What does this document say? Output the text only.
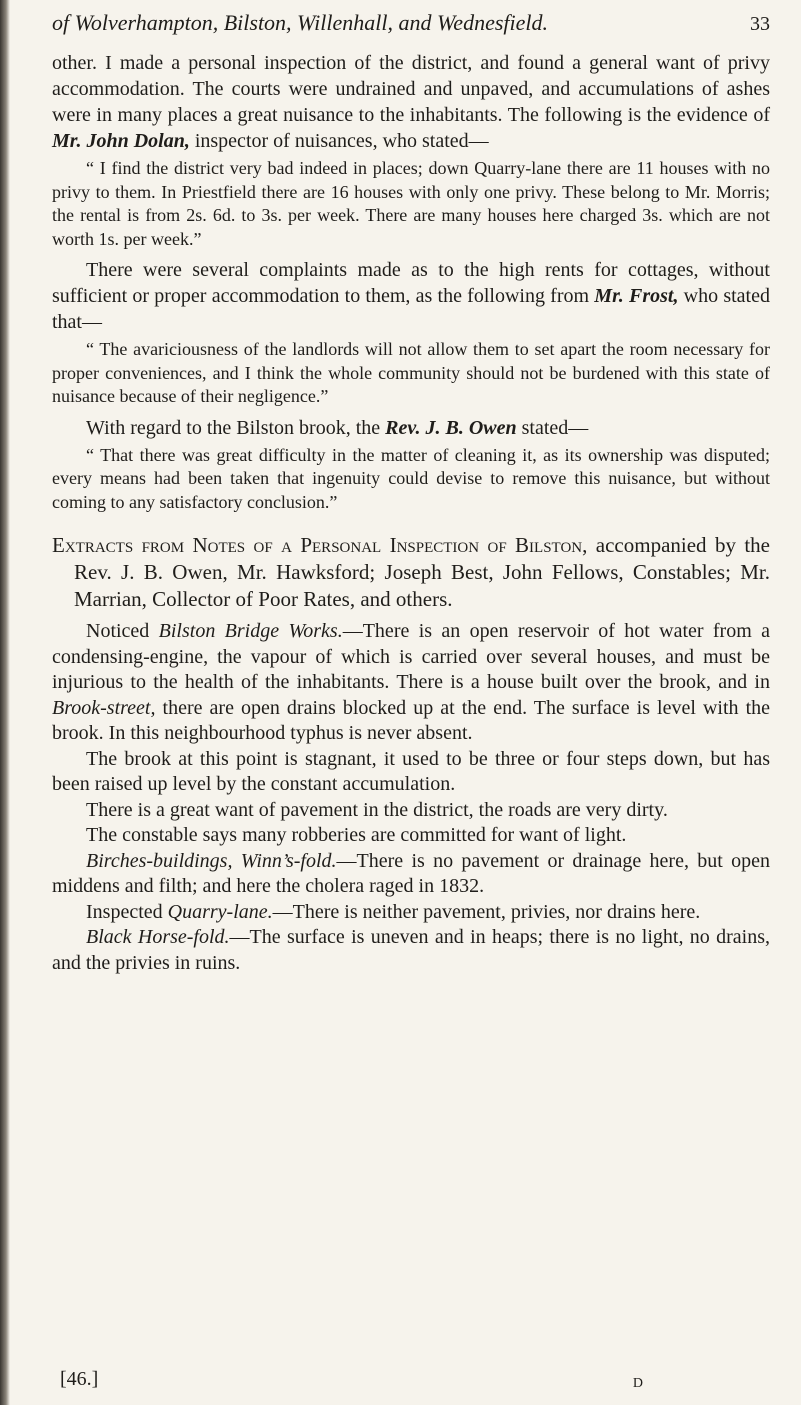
of Wolverhampton, Bilston, Willenhall, and Wednesfield.	33

other. I made a personal inspection of the district, and found a general want of privy accommodation. The courts were undrained and unpaved, and accumulations of ashes were in many places a great nuisance to the inhabitants. The following is the evidence of Mr. John Dolan, inspector of nuisances, who stated—

“ I find the district very bad indeed in places; down Quarry-lane there are 11 houses with no privy to them. In Priestfield there are 16 houses with only one privy. These belong to Mr. Morris; the rental is from 2s. 6d. to 3s. per week. There are many houses here charged 3s. which are not worth 1s. per week.”

There were several complaints made as to the high rents for cottages, without sufficient or proper accommodation to them, as the following from Mr. Frost, who stated that—

“ The avariciousness of the landlords will not allow them to set apart the room necessary for proper conveniences, and I think the whole community should not be burdened with this state of nuisance because of their negligence.”

With regard to the Bilston brook, the Rev. J. B. Owen stated—

“ That there was great difficulty in the matter of cleaning it, as its ownership was disputed; every means had been taken that ingenuity could devise to remove this nuisance, but without coming to any satisfactory conclusion.”

Extracts from Notes of a Personal Inspection of Bilston, accompanied by the Rev. J. B. Owen, Mr. Hawksford; Joseph Best, John Fellows, Constables; Mr. Marrian, Collector of Poor Rates, and others.

Noticed Bilston Bridge Works.—There is an open reservoir of hot water from a condensing-engine, the vapour of which is carried over several houses, and must be injurious to the health of the inhabitants. There is a house built over the brook, and in Brook-street, there are open drains blocked up at the end. The surface is level with the brook. In this neighbourhood typhus is never absent.

The brook at this point is stagnant, it used to be three or four steps down, but has been raised up level by the constant accumulation.

There is a great want of pavement in the district, the roads are very dirty.

The constable says many robberies are committed for want of light.

Birches-buildings, Winn’s-fold.—There is no pavement or drainage here, but open middens and filth; and here the cholera raged in 1832.

Inspected Quarry-lane.—There is neither pavement, privies, nor drains here.

Black Horse-fold.—The surface is uneven and in heaps; there is no light, no drains, and the privies in ruins.

[46.]	D
